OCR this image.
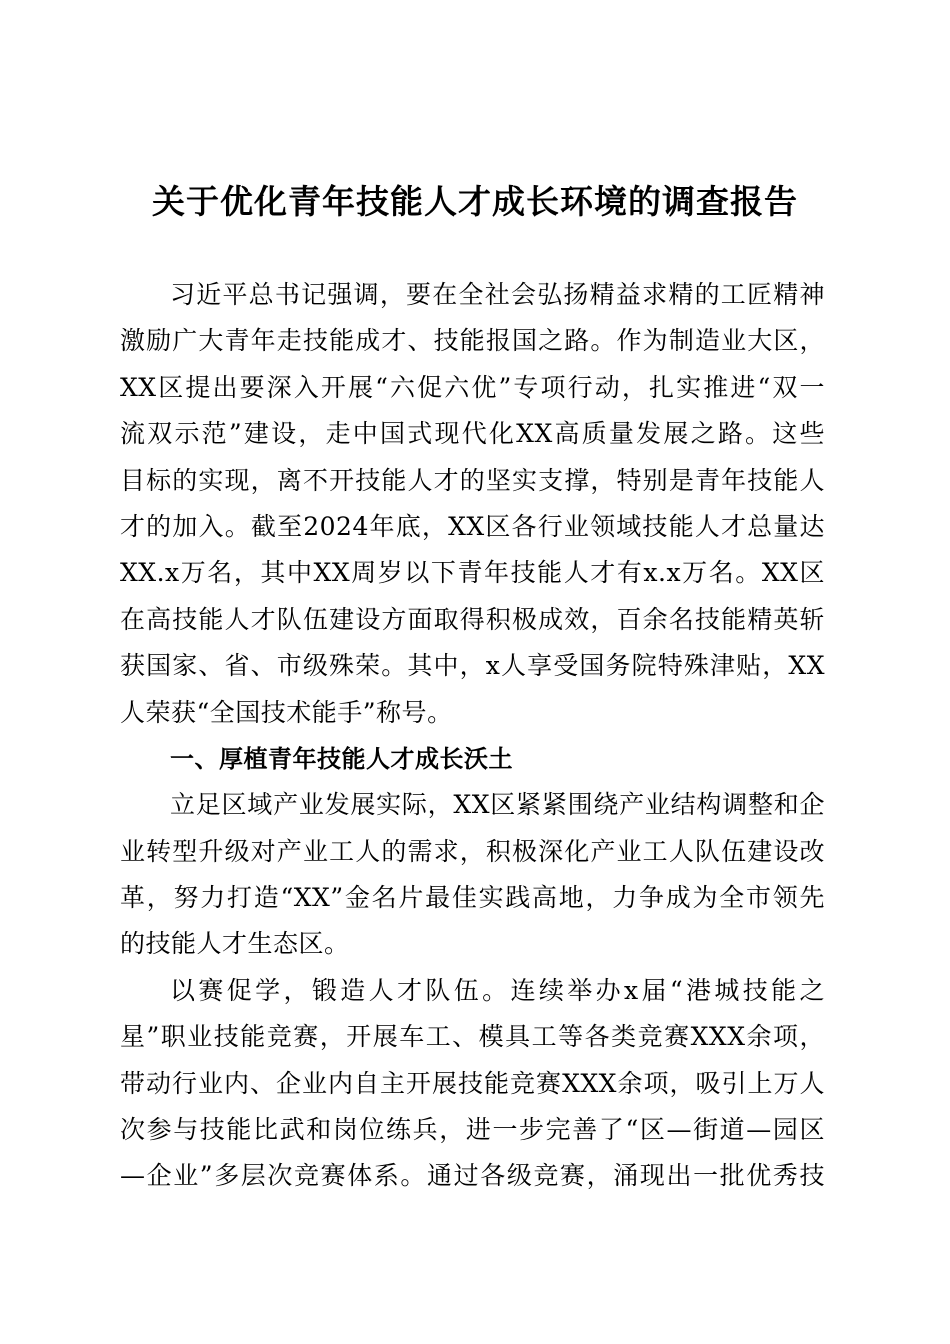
关于优化青年技能人才成长环境的调查报告
习近平总书记强调，要在全社会弘扬精益求精的工匠精神
激励广大青年走技能成才、技能报国之路。作为制造业大区，
XX区提出要深入开展“六促六优”专项行动，扎实推进“双一
流双示范”建设，走中国式现代化XX高质量发展之路。这些
目标的实现，离不开技能人才的坚实支撑，特别是青年技能人
才的加入。截至2024年底，XX区各行业领域技能人才总量达
XX.x万名，其中XX周岁以下青年技能人才有x.x万名。XX区
在高技能人才队伍建设方面取得积极成效，百余名技能精英斩
获国家、省、市级殊荣。其中，x人享受国务院特殊津贴，XX
人荣获“全国技术能手”称号。
一、厚植青年技能人才成长沃土
立足区域产业发展实际，XX区紧紧围绕产业结构调整和企
业转型升级对产业工人的需求，积极深化产业工人队伍建设改
革，努力打造“XX”金名片最佳实践高地，力争成为全市领先
的技能人才生态区。
以赛促学，锻造人才队伍。连续举办x届“港城技能之
星”职业技能竞赛，开展车工、模具工等各类竞赛XXX余项，
带动行业内、企业内自主开展技能竞赛XXX余项，吸引上万人
次参与技能比武和岗位练兵，进一步完善了“区—街道—园区
—企业”多层次竞赛体系。通过各级竞赛，涌现出一批优秀技
